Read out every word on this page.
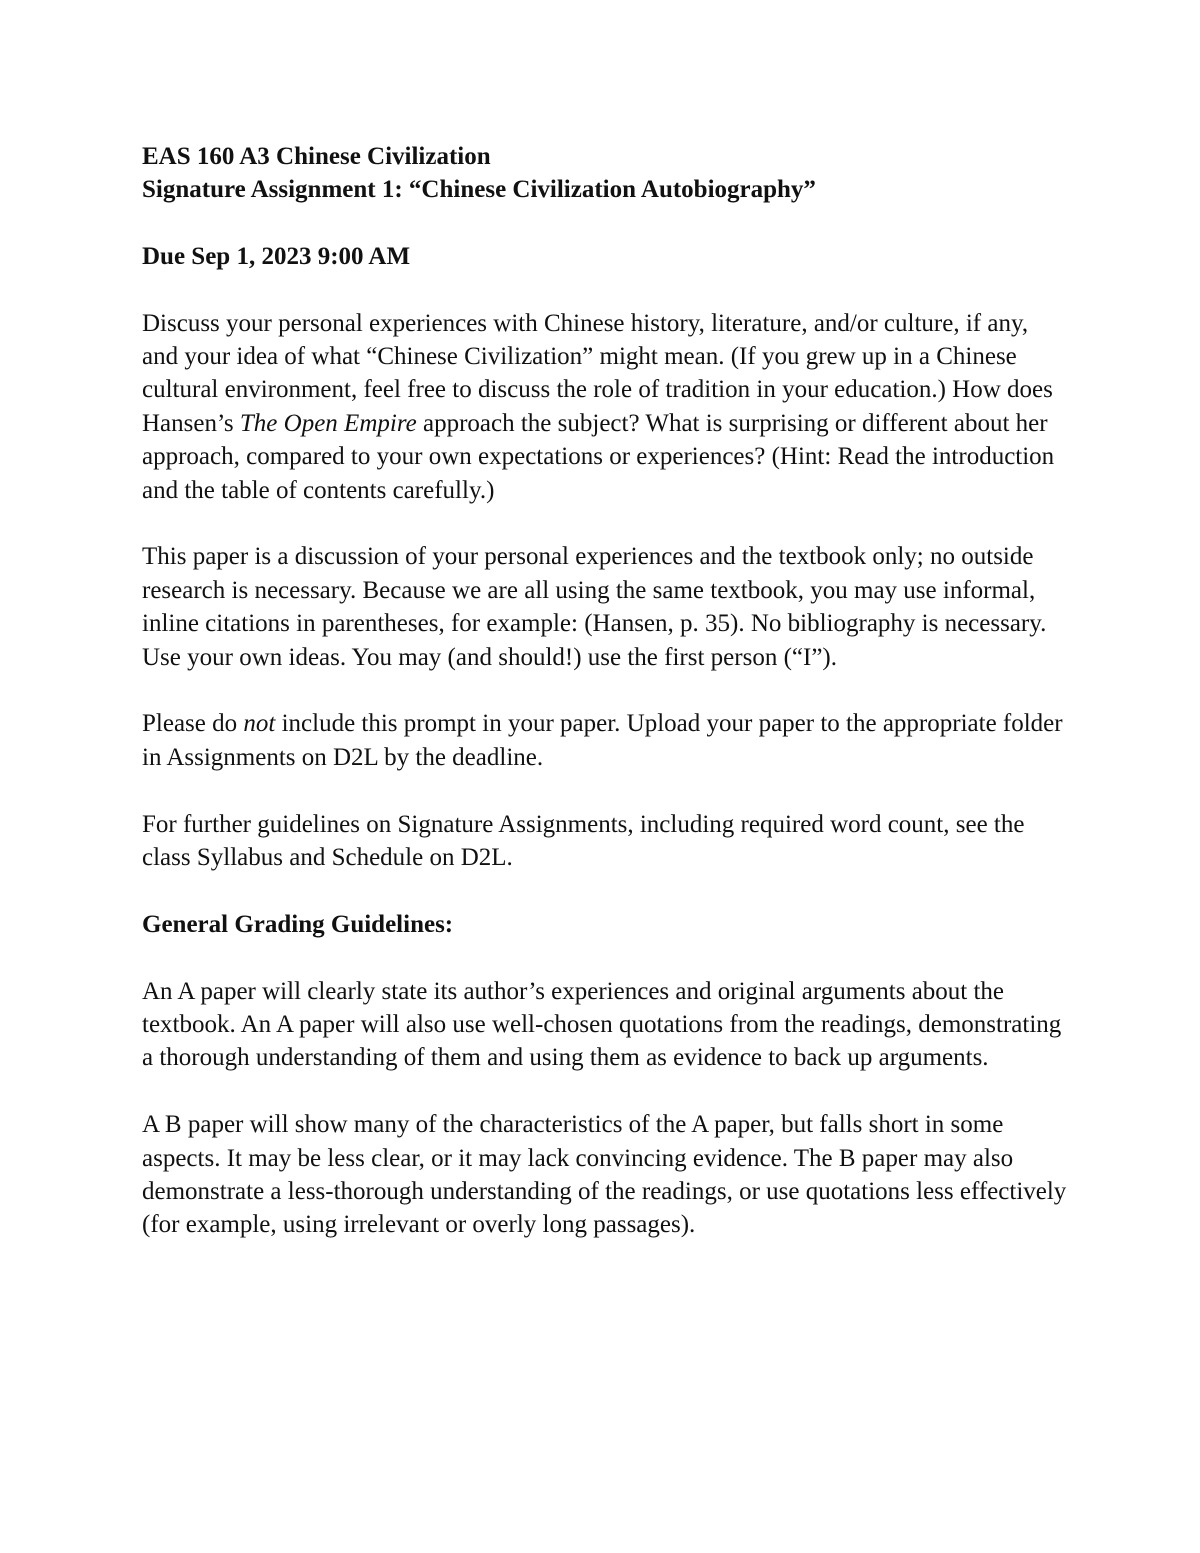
EAS 160 A3 Chinese Civilization
Signature Assignment 1: “Chinese Civilization Autobiography”
Due Sep 1, 2023 9:00 AM

Discuss your personal experiences with Chinese history, literature, and/or culture, if any, and your idea of what “Chinese Civilization” might mean. (If you grew up in a Chinese cultural environment, feel free to discuss the role of tradition in your education.) How does Hansen’s The Open Empire approach the subject? What is surprising or different about her approach, compared to your own expectations or experiences? (Hint: Read the introduction and the table of contents carefully.)

This paper is a discussion of your personal experiences and the textbook only; no outside research is necessary. Because we are all using the same textbook, you may use informal, inline citations in parentheses, for example: (Hansen, p. 35). No bibliography is necessary. Use your own ideas. You may (and should!) use the first person (“I”).

Please do not include this prompt in your paper. Upload your paper to the appropriate folder in Assignments on D2L by the deadline.

For further guidelines on Signature Assignments, including required word count, see the class Syllabus and Schedule on D2L.

General Grading Guidelines:

An A paper will clearly state its author’s experiences and original arguments about the textbook. An A paper will also use well-chosen quotations from the readings, demonstrating a thorough understanding of them and using them as evidence to back up arguments.

A B paper will show many of the characteristics of the A paper, but falls short in some aspects. It may be less clear, or it may lack convincing evidence. The B paper may also demonstrate a less-thorough understanding of the readings, or use quotations less effectively (for example, using irrelevant or overly long passages).
